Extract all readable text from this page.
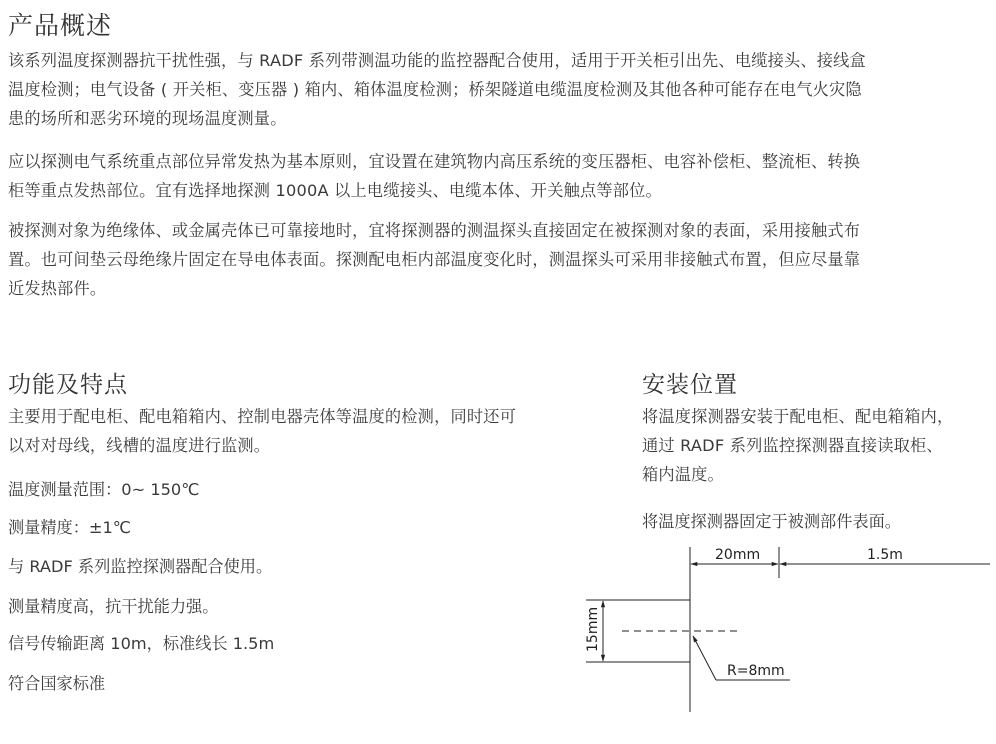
产品概述
该系列温度探测器抗干扰性强，与 RADF 系列带测温功能的监控器配合使用，适用于开关柜引出先、电缆接头、接线盒
温度检测；电气设备 ( 开关柜、变压器 ) 箱内、箱体温度检测；桥架隧道电缆温度检测及其他各种可能存在电气火灾隐
患的场所和恶劣环境的现场温度测量。
应以探测电气系统重点部位异常发热为基本原则，宜设置在建筑物内高压系统的变压器柜、电容补偿柜、整流柜、转换
柜等重点发热部位。宜有选择地探测 1000A 以上电缆接头、电缆本体、开关触点等部位。
被探测对象为绝缘体、或金属壳体已可靠接地时，宜将探测器的测温探头直接固定在被探测对象的表面，采用接触式布
置。也可间垫云母绝缘片固定在导电体表面。探测配电柜内部温度变化时，测温探头可采用非接触式布置，但应尽量靠
近发热部件。
功能及特点
主要用于配电柜、配电箱箱内、控制电器壳体等温度的检测，同时还可
以对对母线，线槽的温度进行监测。
温度测量范围：0~ 150℃
测量精度：±1℃
与 RADF 系列监控探测器配合使用。
测量精度高，抗干扰能力强。
信号传输距离 10m，标准线长 1.5m
符合国家标准
安装位置
将温度探测器安装于配电柜、配电箱箱内，
通过 RADF 系列监控探测器直接读取柜、
箱内温度。
将温度探测器固定于被测部件表面。
20mm	1.5m
15mm
R=8mm
